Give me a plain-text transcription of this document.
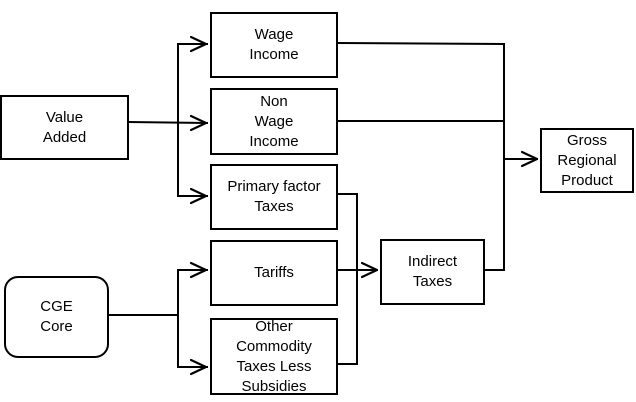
Value
Added
CGE
Core
Wage
Income
Non
Wage
Income
Primary factor
Taxes
Tariffs
Other
Commodity
Taxes Less
Subsidies
Indirect
Taxes
Gross
Regional
Product
